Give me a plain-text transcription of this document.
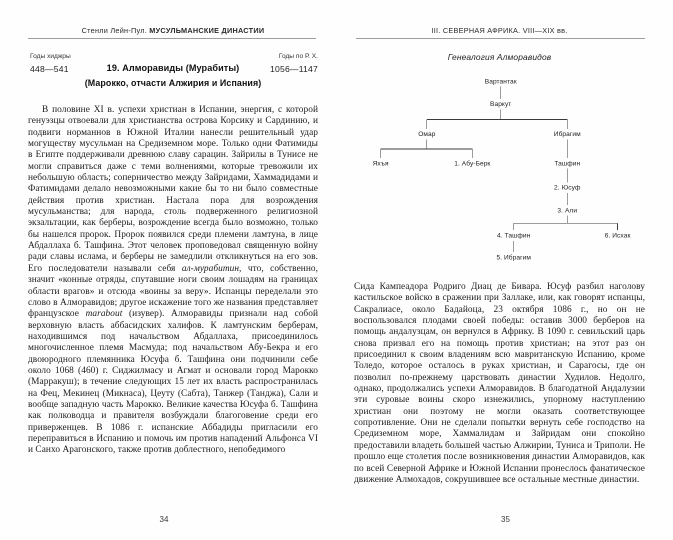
Стенли Лейн-Пул. МУСУЛЬМАНСКИЕ ДИНАСТИИ
Годы хиджры
448—541
Годы по Р. Х.
1056—1147
19. Алморавиды (Мурабиты)
(Марокко, отчасти Алжирия и Испания)

В половине XI в. успехи христиан в Испании, энергия, с которой генуэзцы отвоевали для христианства острова Корсику и Сардинию, и подвиги норманнов в Южной Италии нанесли решительный удар могуществу мусульман на Средиземном море. Только одни Фатимиды в Египте поддерживали древнюю славу сарацин. Зайрилы в Тунисе не могли справиться даже с теми волнениями, которые тревожили их небольшую область; соперничество между Зайридами, Хаммадидами и Фатимидами делало невозможными какие бы то ни было совместные действия против христиан. Настала пора для возрождения мусульманства; для народа, столь подверженного религиозной экзальтации, как берберы, возрождение всегда было возможно, только бы нашелся пророк. Пророк появился среди племени ламтуна, в лице Абдаллаха б. Ташфина. Этот человек проповедовал священную войну ради славы ислама, и берберы не замедлили откликнуться на его зов. Его последователи называли себя ал-мурабитин, что, собственно, значит «конные отряды, спутавшие ноги своим лошадям на границах области врагов» и отсюда «воины за веру». Испанцы переделали это слово в Алморавидов; другое искажение того же названия представляет французское marabout (изувер). Алморавиды признали над собой верховную власть аббасидских халифов. К ламтунским берберам, находившимся под начальством Абдаллаха, присоединилось многочисленное племя Масмуда; под начальством Абу-Бекра и его двоюродного племянника Юсуфа б. Ташфина они подчинили себе около 1068 (460) г. Сиджилмасу и Агмат и основали город Марокко (Марракуш); в течение следующих 15 лет их власть распространилась на Фец, Мекинец (Микнаса), Цеуту (Сабта), Танжер (Танджа), Сали и вообще западную часть Марокко. Великие качества Юсуфа б. Ташфина как полководца и правителя возбуждали благоговение среди его приверженцев. В 1086 г. испанские Аббадиды пригласили его переправиться в Испанию и помочь им против нападений Альфонса VI и Санхо Арагонского, также против доблестного, непобедимого

34
III. СЕВЕРНАЯ АФРИКА. VIII—XIX вв.
Генеалогия Алморавидов
Вартантак
Варкут
Омар	Ибрагим
Яхъя	1. Абу-Берк	Ташфин
2. Юсуф
3. Али
4. Ташфин	6. Исхак
5. Ибрагим

Сида Кампеадора Родриго Диац де Бивара. Юсуф разбил наголову кастильское войско в сражении при Заллаке, или, как говорят испанцы, Сакралиасе, около Бадайоца, 23 октября 1086 г., но он не воспользовался плодами своей победы: оставив 3000 берберов на помощь андалузцам, он вернулся в Африку. В 1090 г. севильский царь снова призвал его на помощь против христиан; на этот раз он присоединил к своим владениям всю мавританскую Испанию, кроме Толедо, которое осталось в руках христиан, и Сарагосы, где он позволил по-прежнему царствовать династии Худилов. Недолго, однако, продолжались успехи Алморавидов. В благодатной Андалузии эти суровые воины скоро изнежились, упорному наступлению христиан они поэтому не могли оказать соответствующее сопротивление. Они не сделали попытки вернуть себе господство на Средиземном море, Хаммалидам и Зайридам они спокойно предоставили владеть большей частью Алжирии, Туниса и Триполи. Не прошло еще столетия после возникновения династии Алморавидов, как по всей Северной Африке и Южной Испании пронеслось фанатическое движение Алмохадов, сокрушившее все остальные местные династии.

35
